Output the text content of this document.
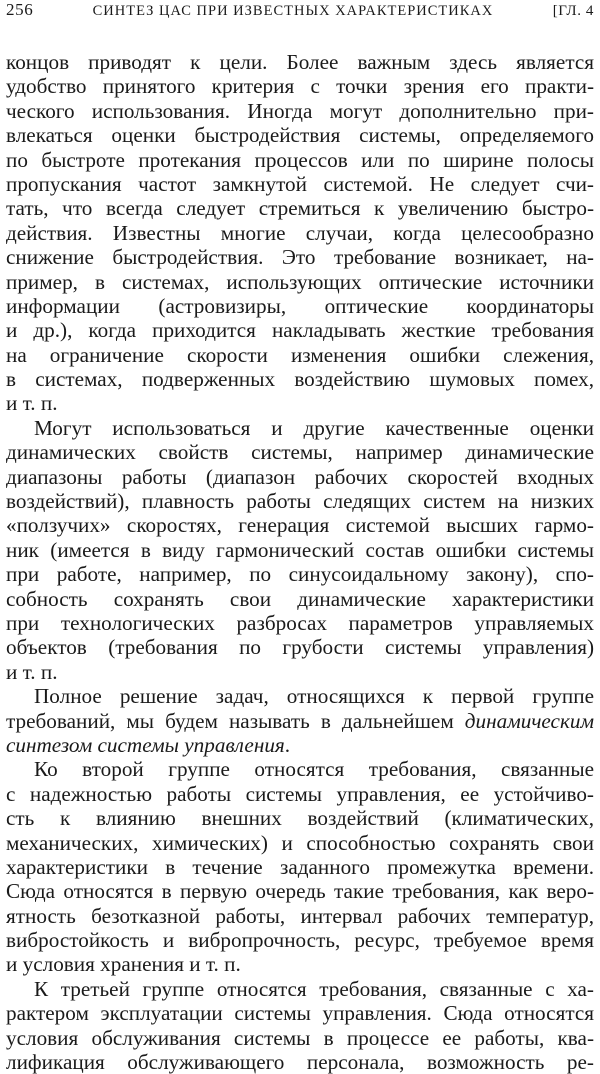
256	СИНТЕЗ ЦАС ПРИ ИЗВЕСТНЫХ ХАРАКТЕРИСТИКАХ	[ГЛ. 4
концов приводят к цели. Более важным здесь является
удобство принятого критерия с точки зрения его практи-
ческого использования. Иногда могут дополнительно при-
влекаться оценки быстродействия системы, определяемого
по быстроте протекания процессов или по ширине полосы
пропускания частот замкнутой системой. Не следует счи-
тать, что всегда следует стремиться к увеличению быстро-
действия. Известны многие случаи, когда целесообразно
снижение быстродействия. Это требование возникает, на-
пример, в системах, использующих оптические источники
информации (астровизиры, оптические координаторы
и др.), когда приходится накладывать жесткие требования
на ограничение скорости изменения ошибки слежения,
в системах, подверженных воздействию шумовых помех,
и т. п.
Могут использоваться и другие качественные оценки
динамических свойств системы, например динамические
диапазоны работы (диапазон рабочих скоростей входных
воздействий), плавность работы следящих систем на низких
«ползучих» скоростях, генерация системой высших гармо-
ник (имеется в виду гармонический состав ошибки системы
при работе, например, по синусоидальному закону), спо-
собность сохранять свои динамические характеристики
при технологических разбросах параметров управляемых
объектов (требования по грубости системы управления)
и т. п.
Полное решение задач, относящихся к первой группе
требований, мы будем называть в дальнейшем динамическим
синтезом системы управления.
Ко второй группе относятся требования, связанные
с надежностью работы системы управления, ее устойчиво-
сть к влиянию внешних воздействий (климатических,
механических, химических) и способностью сохранять свои
характеристики в течение заданного промежутка времени.
Сюда относятся в первую очередь такие требования, как веро-
ятность безотказной работы, интервал рабочих температур,
вибростойкость и вибропрочность, ресурс, требуемое время
и условия хранения и т. п.
К третьей группе относятся требования, связанные с ха-
рактером эксплуатации системы управления. Сюда относятся
условия обслуживания системы в процессе ее работы, ква-
лификация обслуживающего персонала, возможность ре-
